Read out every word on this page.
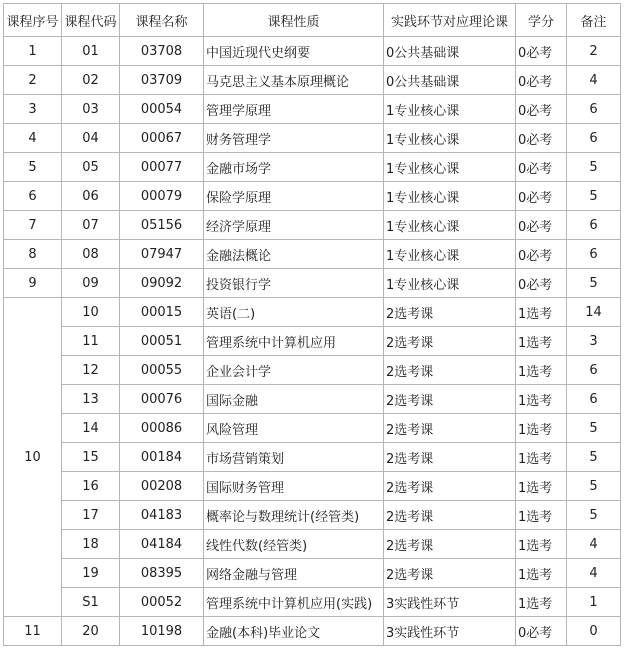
课程序号	课程代码	课程名称	课程性质	实践环节对应理论课	学分	备注
1	01	03708	中国近现代史纲要	0公共基础课	0必考	2
2	02	03709	马克思主义基本原理概论	0公共基础课	0必考	4
3	03	00054	管理学原理	1专业核心课	0必考	6
4	04	00067	财务管理学	1专业核心课	0必考	6
5	05	00077	金融市场学	1专业核心课	0必考	5
6	06	00079	保险学原理	1专业核心课	0必考	5
7	07	05156	经济学原理	1专业核心课	0必考	6
8	08	07947	金融法概论	1专业核心课	0必考	6
9	09	09092	投资银行学	1专业核心课	0必考	5
10	10	00015	英语(二)	2选考课	1选考	14
	11	00051	管理系统中计算机应用	2选考课	1选考	3
	12	00055	企业会计学	2选考课	1选考	6
	13	00076	国际金融	2选考课	1选考	6
	14	00086	风险管理	2选考课	1选考	5
	15	00184	市场营销策划	2选考课	1选考	5
	16	00208	国际财务管理	2选考课	1选考	5
	17	04183	概率论与数理统计(经管类)	2选考课	1选考	5
	18	04184	线性代数(经管类)	2选考课	1选考	4
	19	08395	网络金融与管理	2选考课	1选考	4
	S1	00052	管理系统中计算机应用(实践)	3实践性环节	1选考	1
11	20	10198	金融(本科)毕业论文	3实践性环节	0必考	0
